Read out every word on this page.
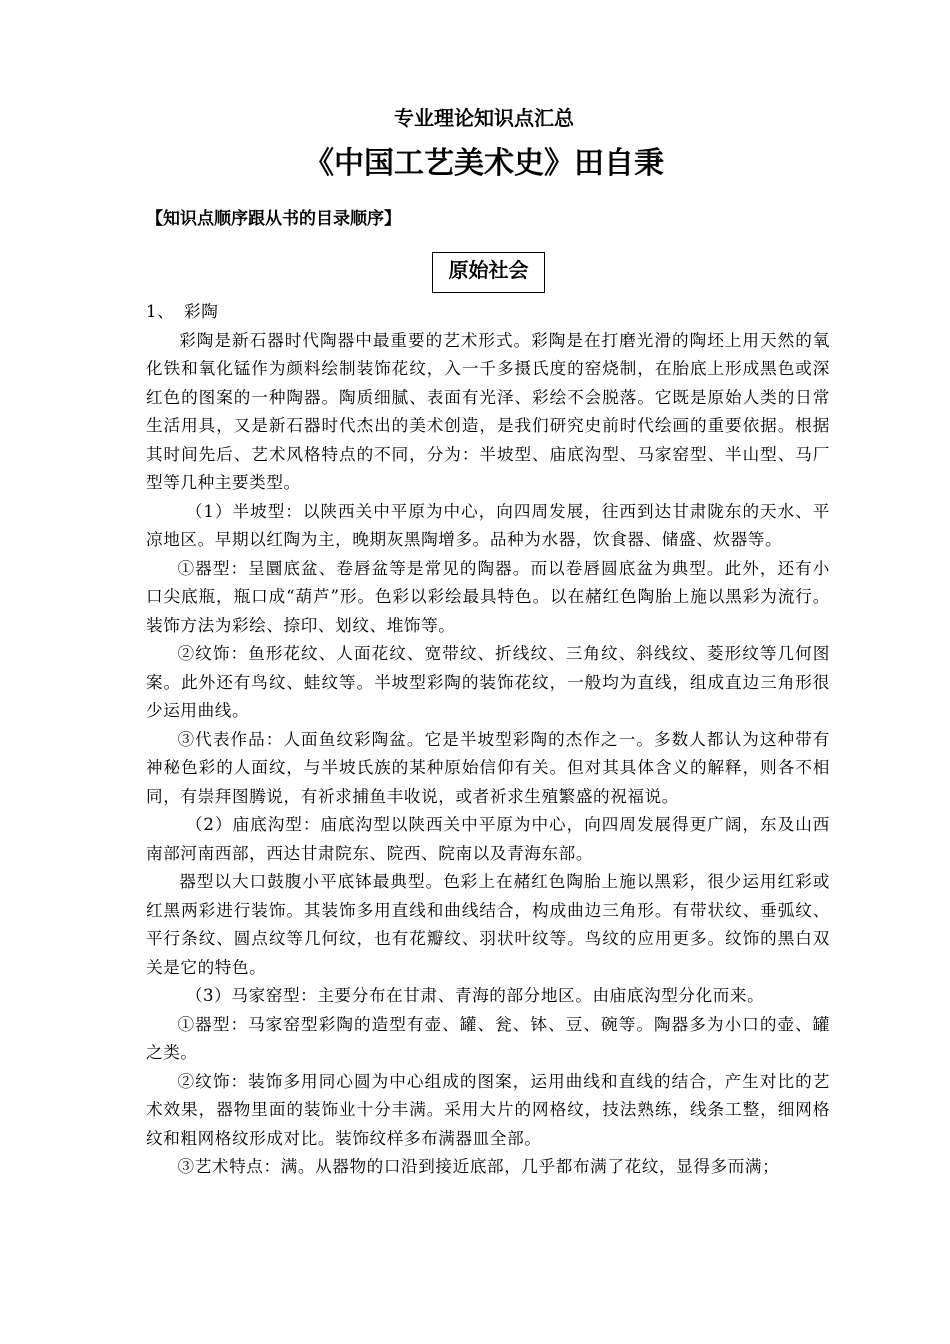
专业理论知识点汇总
《中国工艺美术史》田自秉
【知识点顺序跟从书的目录顺序】
原始社会

1、 彩陶

彩陶是新石器时代陶器中最重要的艺术形式。彩陶是在打磨光滑的陶坯上用天然的氧化铁和氧化锰作为颜料绘制装饰花纹，入一千多摄氏度的窑烧制，在胎底上形成黑色或深红色的图案的一种陶器。陶质细腻、表面有光泽、彩绘不会脱落。它既是原始人类的日常生活用具，又是新石器时代杰出的美术创造，是我们研究史前时代绘画的重要依据。根据其时间先后、艺术风格特点的不同，分为：半坡型、庙底沟型、马家窑型、半山型、马厂型等几种主要类型。

（1）半坡型：以陕西关中平原为中心，向四周发展，往西到达甘肃陇东的天水、平凉地区。早期以红陶为主，晚期灰黑陶增多。品种为水器，饮食器、储盛、炊器等。

①器型：呈圜底盆、卷唇盆等是常见的陶器。而以卷唇圆底盆为典型。此外，还有小口尖底瓶，瓶口成“葫芦”形。色彩以彩绘最具特色。以在赭红色陶胎上施以黑彩为流行。装饰方法为彩绘、捺印、划纹、堆饰等。

②纹饰：鱼形花纹、人面花纹、宽带纹、折线纹、三角纹、斜线纹、菱形纹等几何图案。此外还有鸟纹、蛙纹等。半坡型彩陶的装饰花纹，一般均为直线，组成直边三角形很少运用曲线。

③代表作品：人面鱼纹彩陶盆。它是半坡型彩陶的杰作之一。多数人都认为这种带有神秘色彩的人面纹，与半坡氏族的某种原始信仰有关。但对其具体含义的解释，则各不相同，有崇拜图腾说，有祈求捕鱼丰收说，或者祈求生殖繁盛的祝福说。

（2）庙底沟型：庙底沟型以陕西关中平原为中心，向四周发展得更广阔，东及山西南部河南西部，西达甘肃院东、院西、院南以及青海东部。

器型以大口鼓腹小平底钵最典型。色彩上在赭红色陶胎上施以黑彩，很少运用红彩或红黑两彩进行装饰。其装饰多用直线和曲线结合，构成曲边三角形。有带状纹、垂弧纹、平行条纹、圆点纹等几何纹，也有花瓣纹、羽状叶纹等。鸟纹的应用更多。纹饰的黑白双关是它的特色。

（3）马家窑型：主要分布在甘肃、青海的部分地区。由庙底沟型分化而来。

①器型：马家窑型彩陶的造型有壶、罐、瓮、钵、豆、碗等。陶器多为小口的壶、罐之类。

②纹饰：装饰多用同心圆为中心组成的图案，运用曲线和直线的结合，产生对比的艺术效果，器物里面的装饰业十分丰满。采用大片的网格纹，技法熟练，线条工整，细网格纹和粗网格纹形成对比。装饰纹样多布满器皿全部。

③艺术特点：满。从器物的口沿到接近底部，几乎都布满了花纹，显得多而满；
